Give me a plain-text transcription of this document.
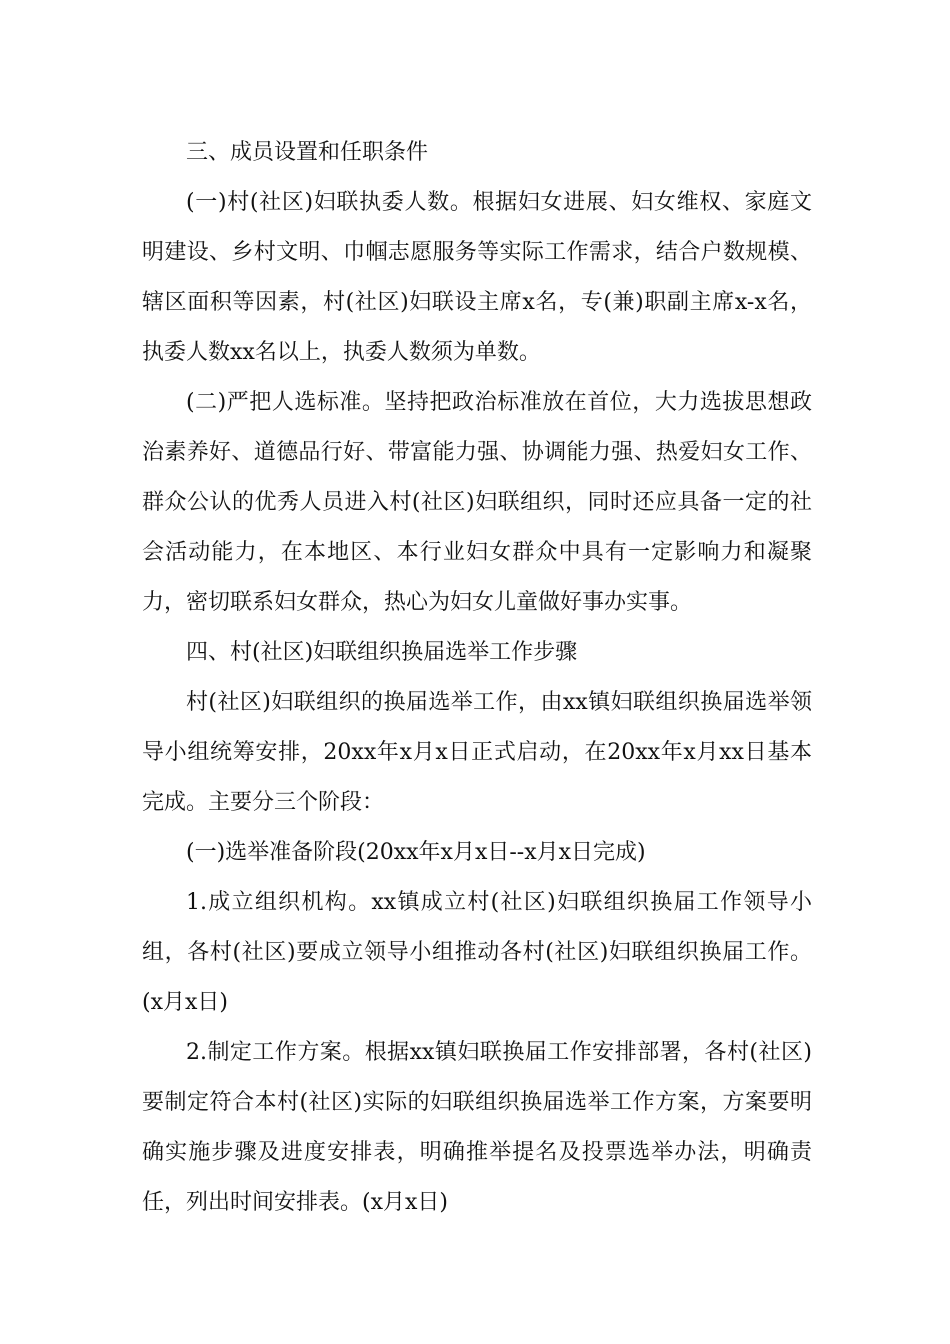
三、成员设置和任职条件

(一)村(社区)妇联执委人数。根据妇女进展、妇女维权、家庭文明建设、乡村文明、巾帼志愿服务等实际工作需求，结合户数规模、辖区面积等因素，村(社区)妇联设主席x名，专(兼)职副主席x-x名，执委人数xx名以上，执委人数须为单数。

(二)严把人选标准。坚持把政治标准放在首位，大力选拔思想政治素养好、道德品行好、带富能力强、协调能力强、热爱妇女工作、群众公认的优秀人员进入村(社区)妇联组织，同时还应具备一定的社会活动能力，在本地区、本行业妇女群众中具有一定影响力和凝聚力，密切联系妇女群众，热心为妇女儿童做好事办实事。

四、村(社区)妇联组织换届选举工作步骤

村(社区)妇联组织的换届选举工作，由xx镇妇联组织换届选举领导小组统筹安排，20xx年x月x日正式启动，在20xx年x月xx日基本完成。主要分三个阶段：

(一)选举准备阶段(20xx年x月x日--x月x日完成)

1.成立组织机构。xx镇成立村(社区)妇联组织换届工作领导小组，各村(社区)要成立领导小组推动各村(社区)妇联组织换届工作。(x月x日)

2.制定工作方案。根据xx镇妇联换届工作安排部署，各村(社区)要制定符合本村(社区)实际的妇联组织换届选举工作方案，方案要明确实施步骤及进度安排表，明确推举提名及投票选举办法，明确责任，列出时间安排表。(x月x日)
